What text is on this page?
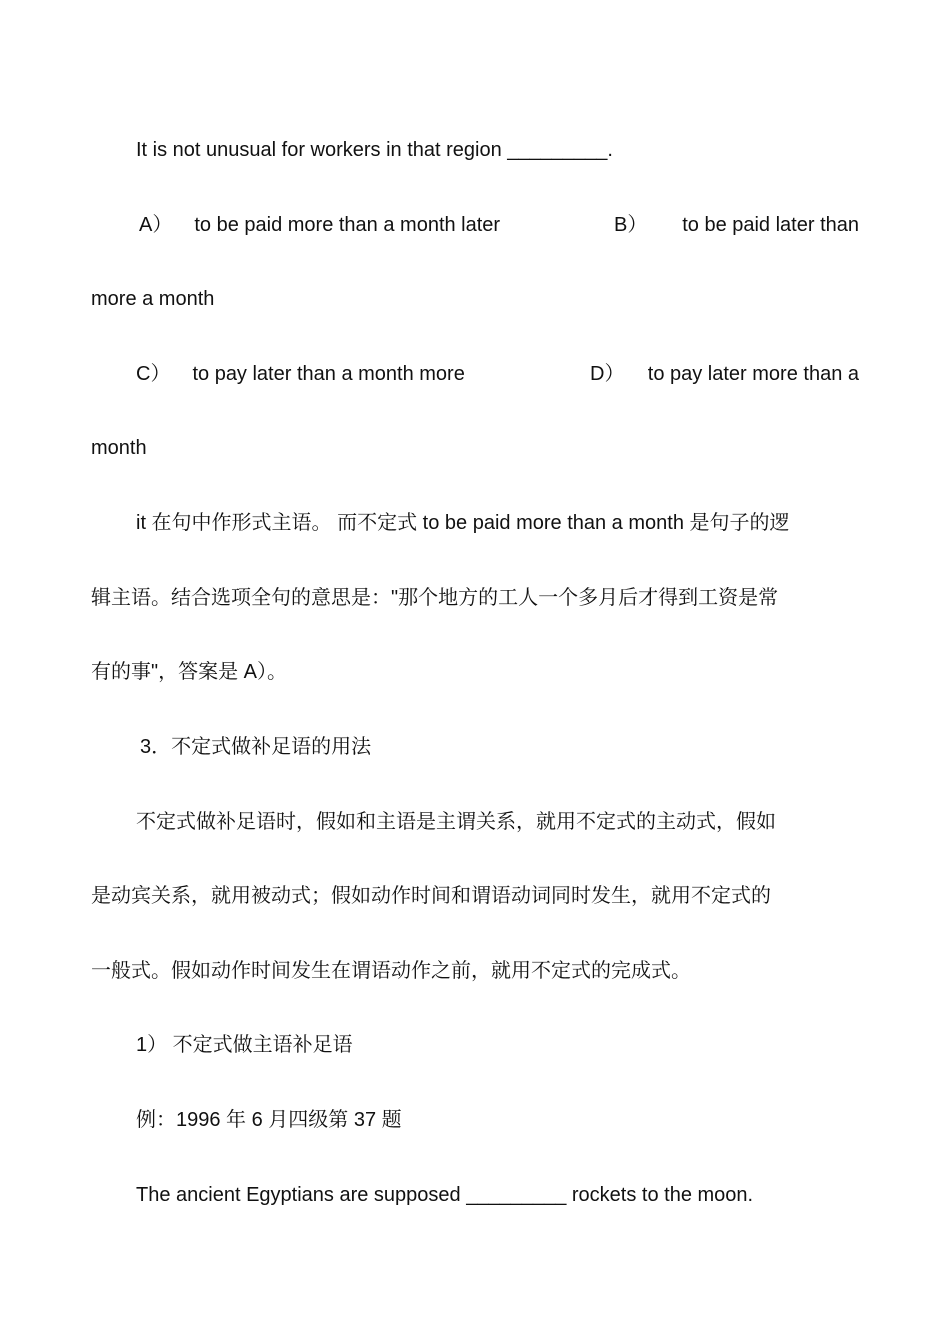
It is not unusual for workers in that region _________.
A） to be paid more than a month later	B） to be paid later than
more a month
C） to pay later than a month more	D） to pay later more than a
month
it 在句中作形式主语。 而不定式 to be paid more than a month 是句子的逻
辑主语。结合选项全句的意思是："那个地方的工人一个多月后才得到工资是常
有的事"，答案是 A）。
3．不定式做补足语的用法
不定式做补足语时，假如和主语是主谓关系，就用不定式的主动式，假如
是动宾关系，就用被动式；假如动作时间和谓语动词同时发生，就用不定式的
一般式。假如动作时间发生在谓语动作之前，就用不定式的完成式。
1） 不定式做主语补足语
例：1996 年 6 月四级第 37 题
The ancient Egyptians are supposed _________ rockets to the moon.
